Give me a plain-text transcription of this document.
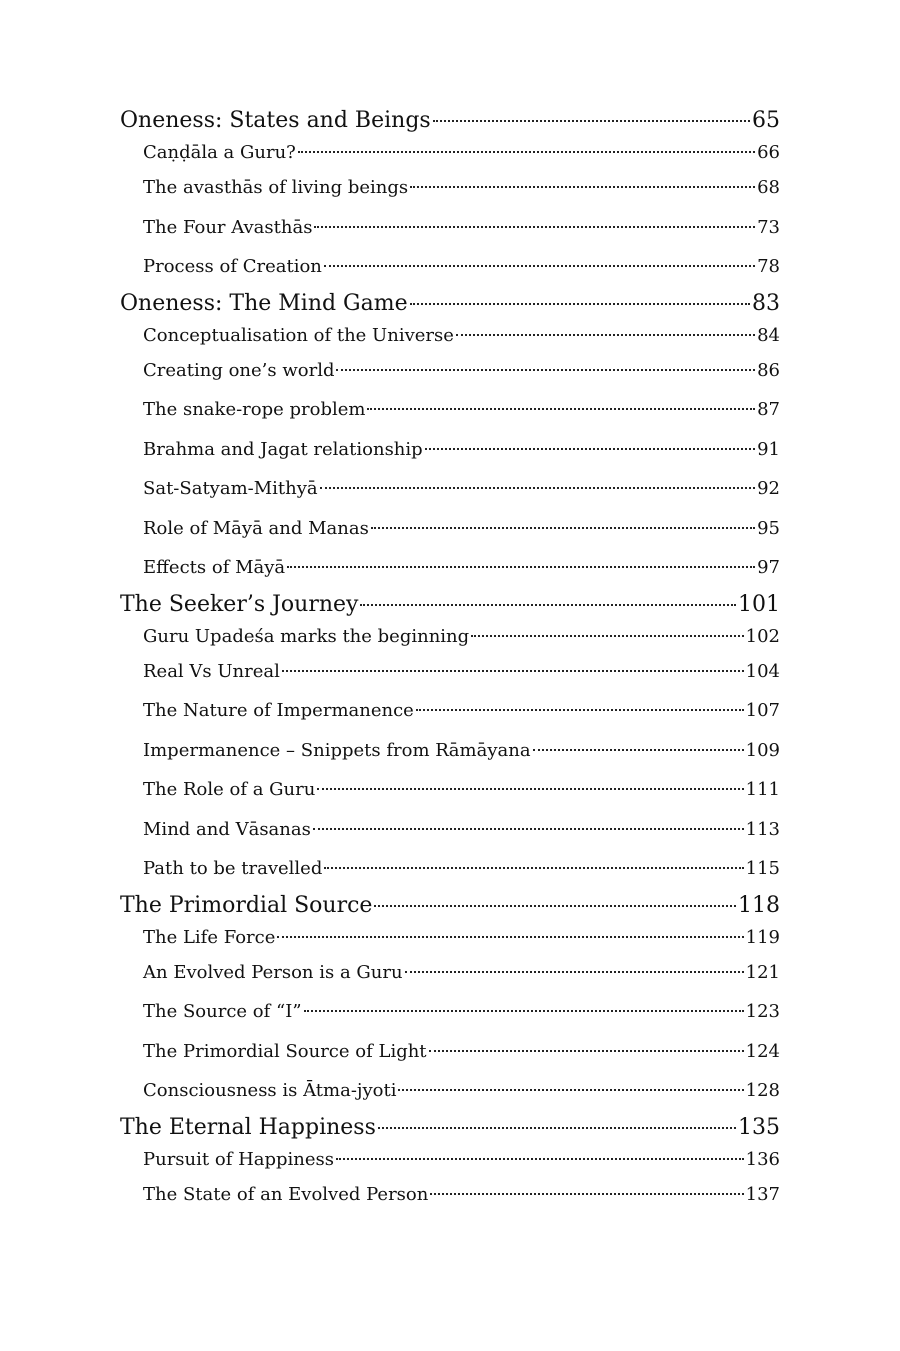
Oneness: States and Beings	65
Caṇḍāla a Guru?	66
The avasthās of living beings	68
The Four Avasthās	73
Process of Creation	78
Oneness: The Mind Game	83
Conceptualisation of the Universe	84
Creating one’s world	86
The snake-rope problem	87
Brahma and Jagat relationship	91
Sat-Satyam-Mithyā	92
Role of Māyā and Manas	95
Effects of Māyā	97
The Seeker’s Journey	101
Guru Upadeśa marks the beginning	102
Real Vs Unreal	104
The Nature of Impermanence	107
Impermanence – Snippets from Rāmāyana	109
The Role of a Guru	111
Mind and Vāsanas	113
Path to be travelled	115
The Primordial Source	118
The Life Force	119
An Evolved Person is a Guru	121
The Source of “I”	123
The Primordial Source of Light	124
Consciousness is Ātma-jyoti	128
The Eternal Happiness	135
Pursuit of Happiness	136
The State of an Evolved Person	137
